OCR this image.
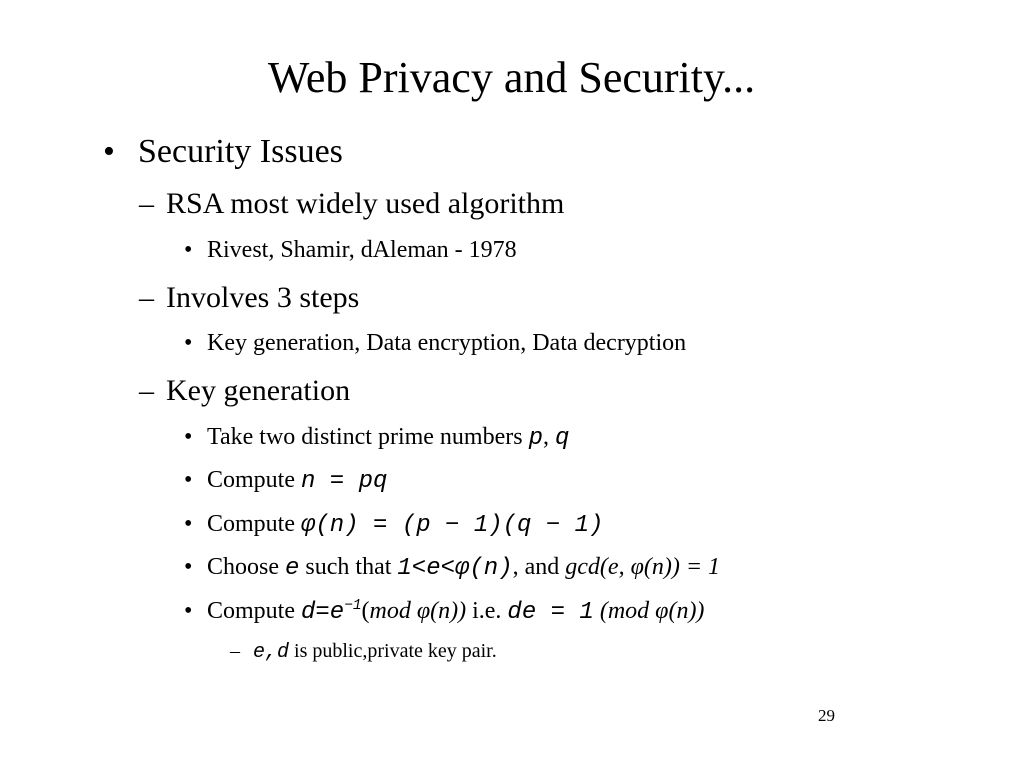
Web Privacy and Security...
• Security Issues
– RSA most widely used algorithm
• Rivest, Shamir, dAleman - 1978
– Involves 3 steps
• Key generation, Data encryption, Data decryption
– Key generation
• Take two distinct prime numbers p, q
• Compute n = pq
• Compute φ(n) = (p − 1)(q − 1)
• Choose e such that 1<e<φ(n), and gcd(e, φ(n)) = 1
• Compute $d=e^{-1}(mod$ φ(n)) i.e. de = 1 (mod φ(n))
– e,d is public,private key pair.
29
